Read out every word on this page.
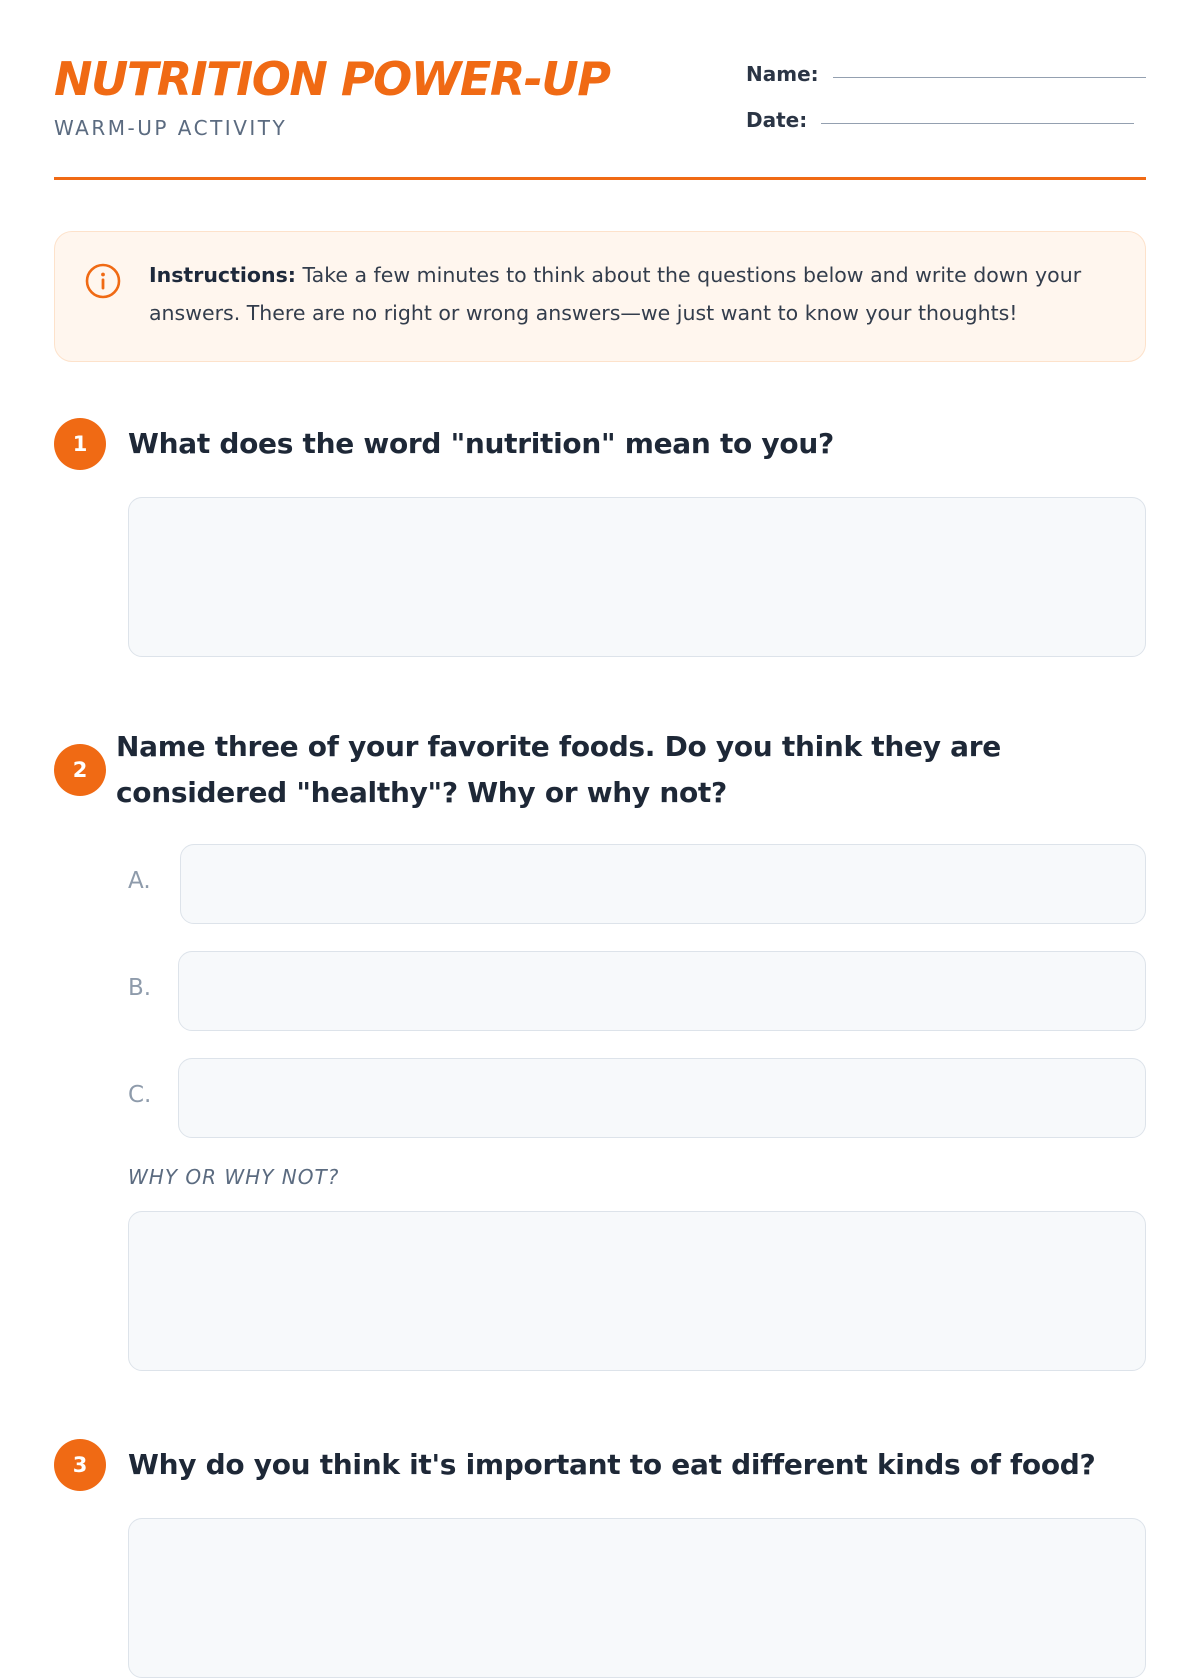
NUTRITION POWER-UP
WARM-UP ACTIVITY
Name:
Date:
Instructions: Take a few minutes to think about the questions below and write down your answers. There are no right or wrong answers—we just want to know your thoughts!
1	What does the word "nutrition" mean to you?
2
Name three of your favorite foods. Do you think they are considered "healthy"? Why or why not?
A.
B.
C.
WHY OR WHY NOT?
3	Why do you think it's important to eat different kinds of food?
